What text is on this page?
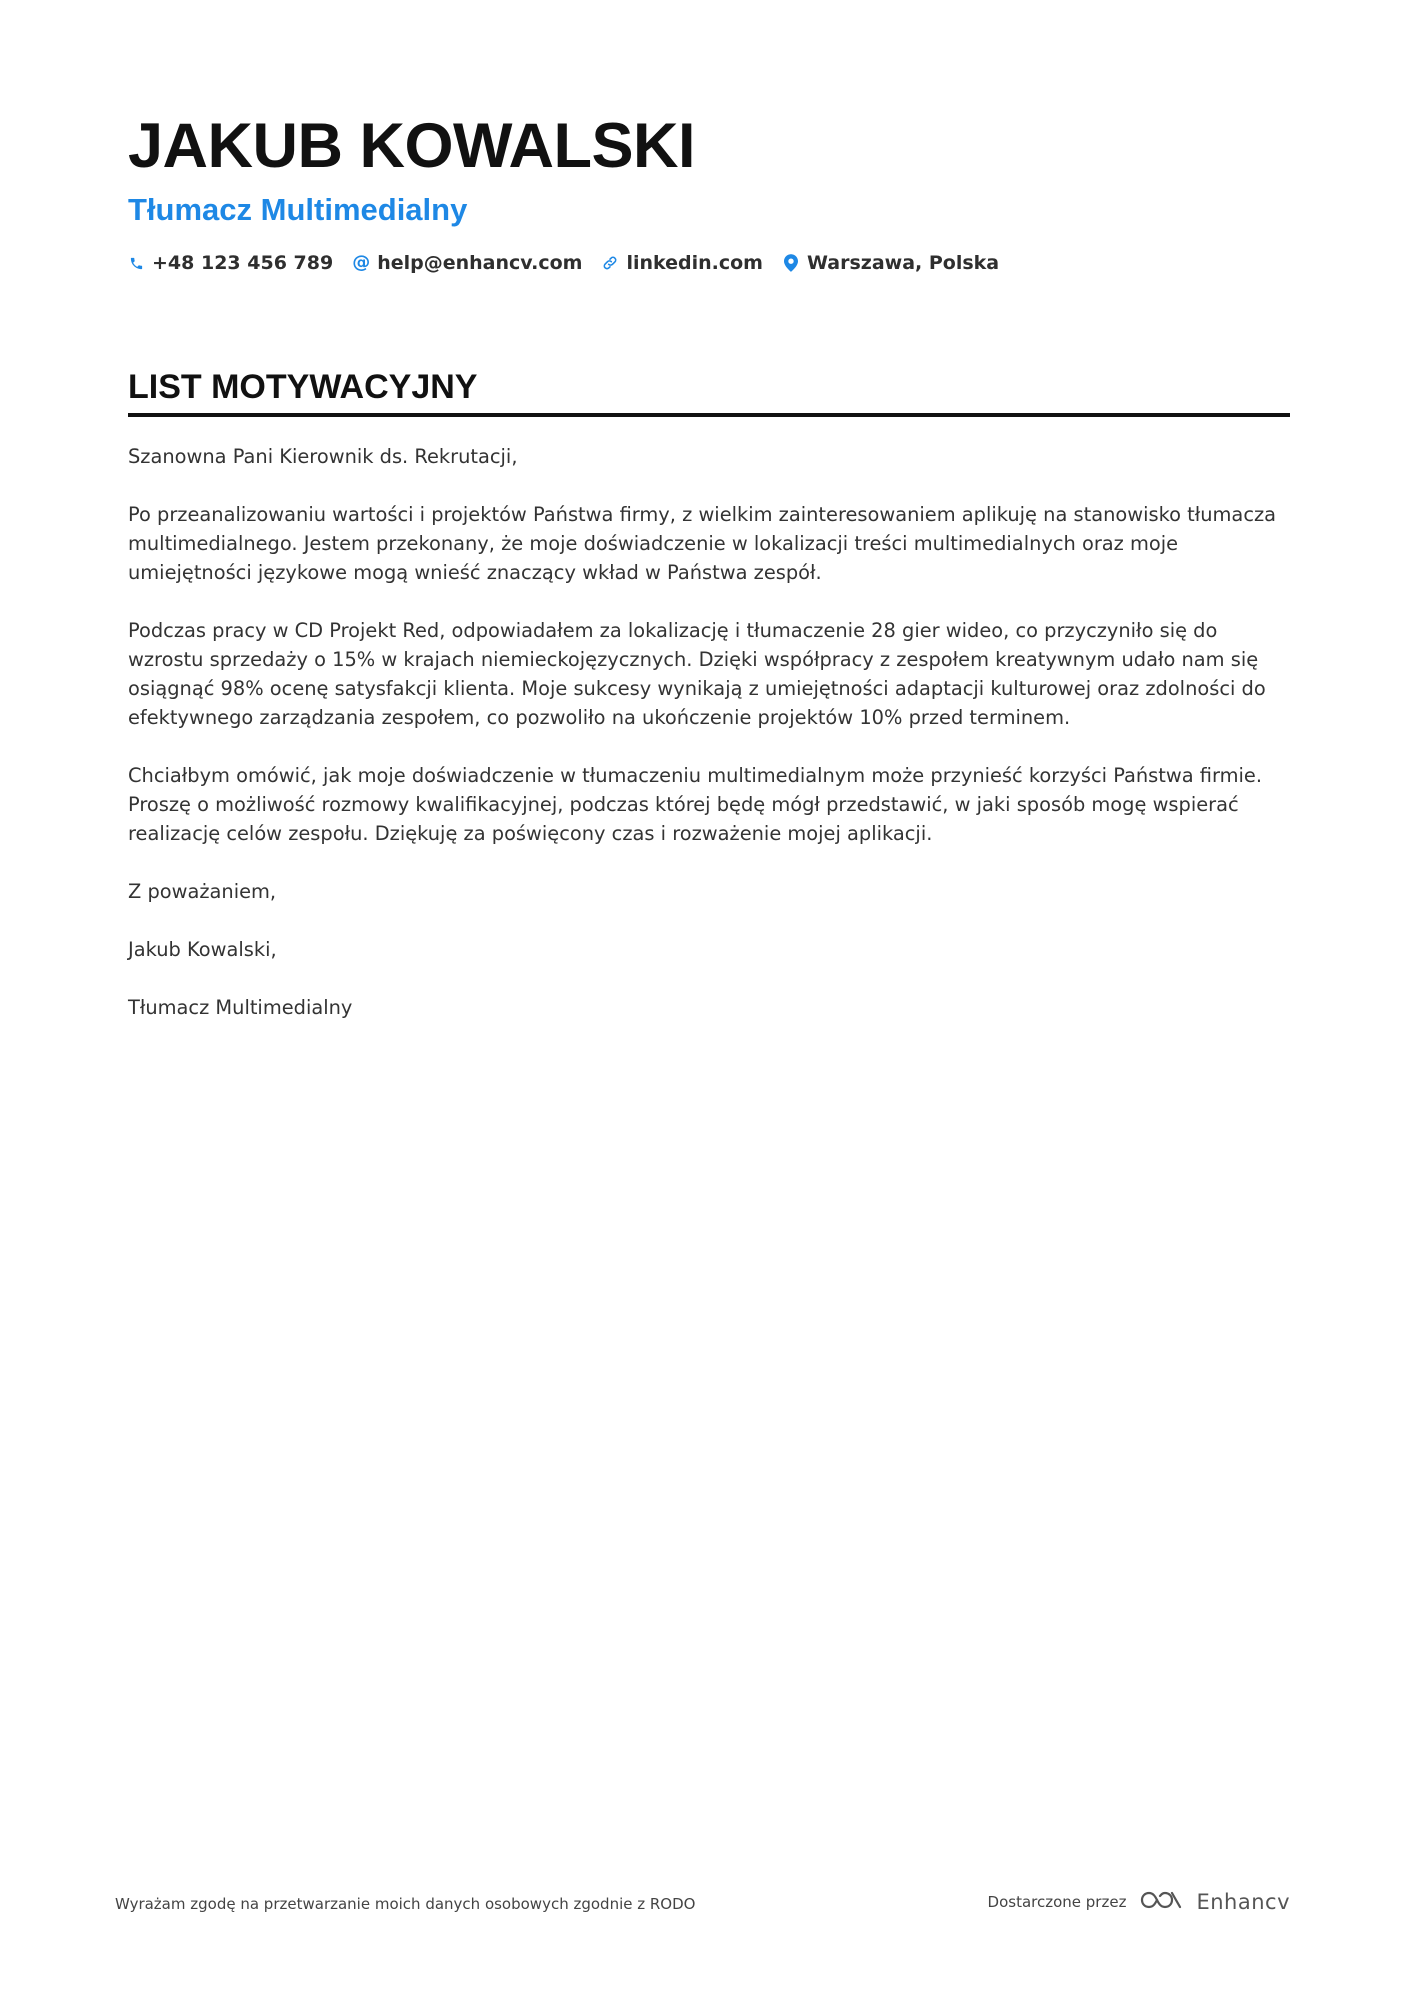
JAKUB KOWALSKI
Tłumacz Multimedialny
+48 123 456 789 @ help@enhancv.com linkedin.com Warszawa, Polska
LIST MOTYWACYJNY

Szanowna Pani Kierownik ds. Rekrutacji,

Po przeanalizowaniu wartości i projektów Państwa firmy, z wielkim zainteresowaniem aplikuję na stanowisko tłumacza multimedialnego. Jestem przekonany, że moje doświadczenie w lokalizacji treści multimedialnych oraz moje umiejętności językowe mogą wnieść znaczący wkład w Państwa zespół.

Podczas pracy w CD Projekt Red, odpowiadałem za lokalizację i tłumaczenie 28 gier wideo, co przyczyniło się do wzrostu sprzedaży o 15% w krajach niemieckojęzycznych. Dzięki współpracy z zespołem kreatywnym udało nam się osiągnąć 98% ocenę satysfakcji klienta. Moje sukcesy wynikają z umiejętności adaptacji kulturowej oraz zdolności do efektywnego zarządzania zespołem, co pozwoliło na ukończenie projektów 10% przed terminem.

Chciałbym omówić, jak moje doświadczenie w tłumaczeniu multimedialnym może przynieść korzyści Państwa firmie. Proszę o możliwość rozmowy kwalifikacyjnej, podczas której będę mógł przedstawić, w jaki sposób mogę wspierać realizację celów zespołu. Dziękuję za poświęcony czas i rozważenie mojej aplikacji.

Z poważaniem,

Jakub Kowalski,

Tłumacz Multimedialny

Wyrażam zgodę na przetwarzanie moich danych osobowych zgodnie z RODO	Dostarczone przez	Enhancv
